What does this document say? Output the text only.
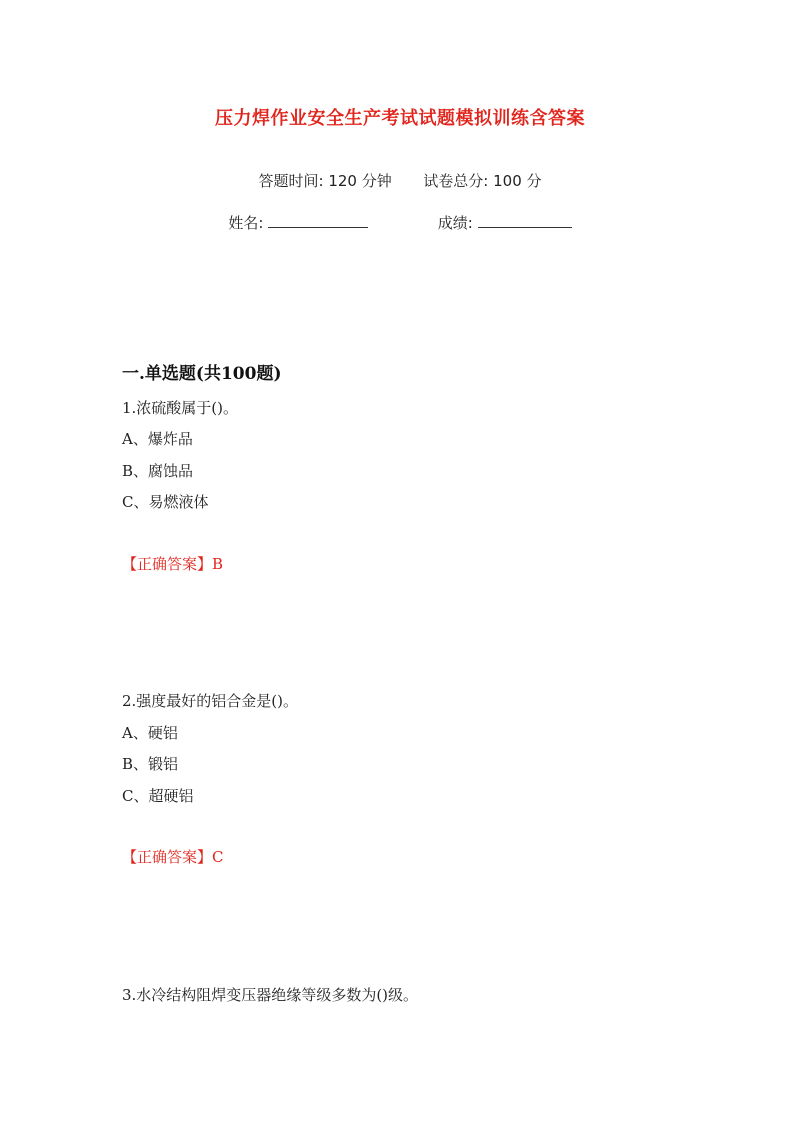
压力焊作业安全生产考试试题模拟训练含答案
答题时间: 120 分钟 试卷总分: 100 分
姓名:	成绩:
一.单选题(共100题)
1.浓硫酸属于()。
A、爆炸品
B、腐蚀品
C、易燃液体
【正确答案】B
2.强度最好的铝合金是()。
A、硬铝
B、锻铝
C、超硬铝
【正确答案】C
3.水冷结构阻焊变压器绝缘等级多数为()级。
